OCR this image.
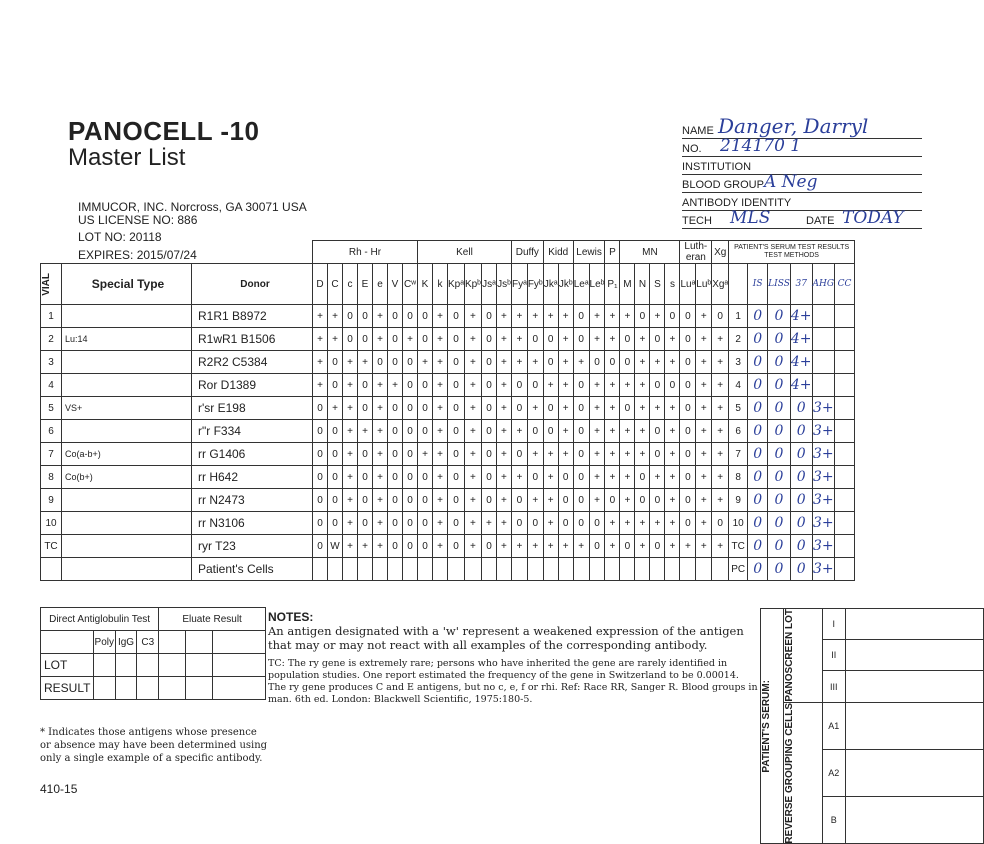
PANOCELL -10
Master List
IMMUCOR, INC. Norcross, GA 30071 USA
US LICENSE NO: 886
LOT NO: 20118
EXPIRES: 2015/07/24
NAME Danger, Darryl
NO. 214170 1
INSTITUTION
BLOOD GROUP A Neg
ANTIBODY IDENTITY
TECH MLS	DATE TODAY
			Rh - Hr							Kell						Duffy		Kidd		Lewis		P	MN				Luth-eran		Xg	PATIENT'S SERUM TEST RESULTS TEST METHODS					

VIAL	Special Type	Donor	D	C	c	E	e	V	Cʷ	K	k	Kpᵃ	Kpᵇ	Jsᵃ	Jsᵇ	Fyᵃ	Fyᵇ	Jkᵃ	Jkᵇ	Leᵃ	Leᵇ	P₁	M	N	S	s	Luᵃ	Luᵇ	Xgᵃ		IS	LISS	37	AHG	CC
1		R1R1 B8972	+	+	0	0	+	0	0	0	+	0	+	0	+	+	+	+	+	0	+	+	+	0	+	0	0	+	0	1	0	0	4+		
2	Lu:14	R1wR1 B1506	+	+	0	0	+	0	+	0	+	0	+	0	+	+	0	0	+	0	+	+	0	+	0	+	0	+	+	2	0	0	4+		
3		R2R2 C5384	+	0	+	+	0	0	0	+	+	0	+	0	+	+	+	0	+	+	0	0	0	+	+	+	0	+	+	3	0	0	4+		
4		Ror D1389	+	0	+	0	+	+	0	0	+	0	+	0	+	0	0	+	+	0	+	+	+	+	0	0	0	+	+	4	0	0	4+		
5	VS+	r'sr E198	0	+	+	0	+	0	0	0	+	0	+	0	+	0	+	0	+	0	+	+	0	+	+	+	0	+	+	5	0	0	0	3+	
6		r"r F334	0	0	+	+	+	0	0	0	+	0	+	0	+	+	0	0	+	0	+	+	+	+	0	+	0	+	+	6	0	0	0	3+	
7	Co(a-b+)	rr G1406	0	0	+	0	+	0	0	+	+	0	+	0	+	0	+	+	+	0	+	+	+	+	0	+	0	+	+	7	0	0	0	3+	
8	Co(b+)	rr H642	0	0	+	0	+	0	0	0	+	0	+	0	+	+	0	+	0	0	+	+	+	0	+	+	0	+	+	8	0	0	0	3+	
9		rr N2473	0	0	+	0	+	0	0	0	+	0	+	0	+	0	+	+	0	0	+	0	+	0	0	+	0	+	+	9	0	0	0	3+	
10		rr N3106	0	0	+	0	+	0	0	0	+	0	+	+	+	0	0	+	0	0	0	+	+	+	+	+	0	+	0	10	0	0	0	3+	
TC		ryr T23	0	W	+	+	+	0	0	0	+	0	+	0	+	+	+	+	+	+	0	+	0	+	0	+	+	+	+	TC	0	0	0	3+	
		Patient's Cells																												PC	0	0	0	3+	
Direct Antiglobulin Test				Eluate Result		
	Poly	IgG	C3			
LOT						
RESULT						
NOTES:
An antigen designated with a 'w' represent a weakened expression of the antigen that may or may not react with all examples of the corresponding antibody.
TC: The ry gene is extremely rare; persons who have inherited the gene are rarely identified in population studies. One report estimated the frequency of the gene in Switzerland to be 0.00014. The ry gene produces C and E antigens, but no c, e, f or rhi. Ref: Race RR, Sanger R. Blood groups in man. 6th ed. London: Blackwell Scientific, 1975:180-5.	PATIENT'S SERUM:	PANOSCREEN LOT	I	
		II	
		III	

	REVERSE GROUPING CELLS	A1	
		A2	
		B	
* Indicates those antigens whose presence or absence may have been determined using only a single example of a specific antibody.
410-15
